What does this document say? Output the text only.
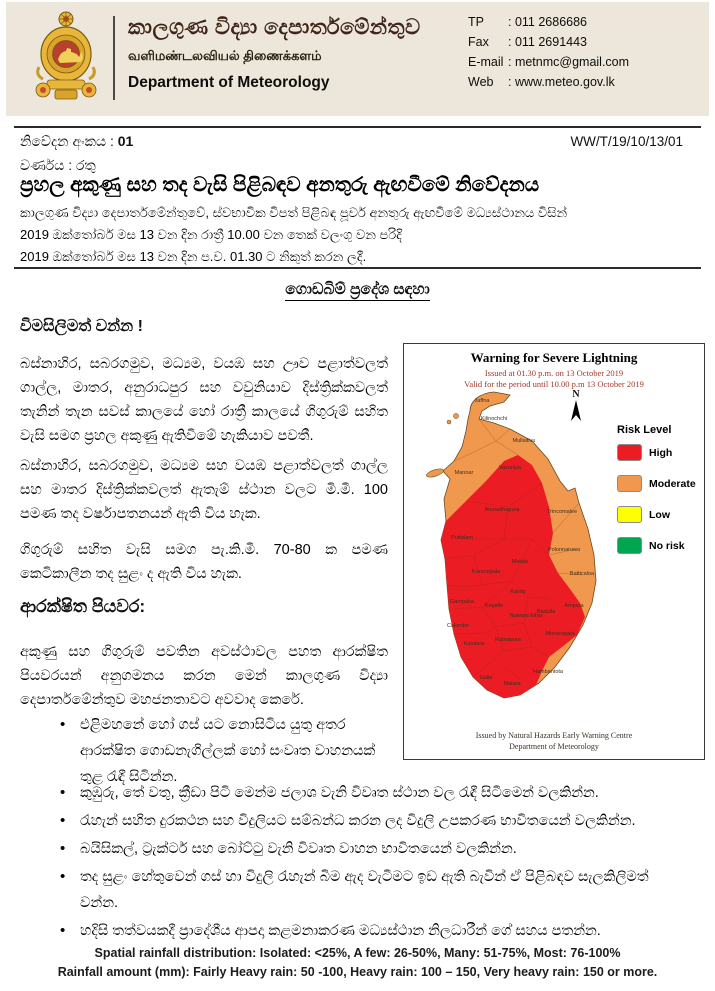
කාලගුණ විද්‍යා දෙපාර්තමේන්තුව
வளிமண்டலவியல் திணைக்களம்
Department of Meteorology
TP	: 011 2686686
Fax	: 011 2691443
E-mail : metnmc@gmail.com
Web	: www.meteo.gov.lk
නිවේදන අංකය : 01	WW/T/19/10/13/01
වර්ණය : රතු
ප්‍රහල අකුණු සහ තද වැසි පිළිබඳව අනතුරු ඇඟවීමේ නිවේදනය
කාලගුණ විද්‍යා දෙපාර්තමේන්තුවේ, ස්වභාවික විපත් පිළිබඳ පූර්ව අනතුරු ඇඟවීමේ මධ්‍යස්ථානය විසින්
2019 ඔක්තෝබර් මස 13 වන දින රාත්‍රී 10.00 වන තෙක් වලංගු වන පරිදි
2019 ඔක්තෝබර් මස 13 වන දින ප.ව. 01.30 ට නිකුත් කරන ලදී.
ගොඩබිම් ප්‍රදේශ සඳහා
විමසිලිමත් වන්න !
බස්නාහිර, සබරගමුව, මධ්‍යම, වයඹ සහ ඌව පළාත්වලත් ගාල්ල, මාතර, අනුරාධපුර සහ වවුනියාව දිස්ත්‍රික්කවලත් තැනින් තැන සවස් කාලයේ හෝ රාත්‍රී කාලයේ ගිගුරුම් සහිත වැසි සමග ප්‍රහල අකුණු ඇතිවීමේ හැකියාව පවතී.
බස්නාහිර, සබරගමුව, මධ්‍යම සහ වයඹ පළාත්වලත් ගාල්ල සහ මාතර දිස්ත්‍රික්කවලත් ඇතැම් ස්ථාන වලට මි.මී. 100 පමණ තද වර්ෂාපතනයන් ඇති විය හැක.
ගිගුරුම් සහිත වැසි සමග පැ.කි.මී. 70-80 ක පමණ කෙටිකාලීන තද සුළං ද ඇති විය හැක.
ආරක්ෂිත පියවර:
අකුණු සහ ගිගුරුම් පවතින අවස්ථාවල පහත ආරක්ෂිත පියවරයන් අනුගමනය කරන මෙන් කාලගුණ විද්‍යා දෙපාර්තමේන්තුව මහජනතාවට අවවාද කෙරේ.
• එළිමහනේ හෝ ගස් යට නොසිටිය යුතු අතර ආරක්ෂිත ගොඩනැගිල්ලක් හෝ සංවෘත වාහනයක් තුළ රැඳී සිටින්න.
• කුඹුරු, තේ වතු, ක්‍රීඩා පිටි මෙන්ම ජලාශ වැනි විවෘත ස්ථාන වල රැඳී සිටීමෙන් වලකින්න.
• රැහැන් සහිත දුරකථන සහ විදුලියට සම්බන්ධ කරන ලද විදුලි උපකරණ භාවිතයෙන් වලකින්න.
• බයිසිකල්, ට්‍රැක්ටර් සහ බෝට්ටු වැනි විවෘත වාහන භාවිතයෙන් වලකින්න.
• තද සුළං හේතුවෙන් ගස් හා විදුලි රැහැන් බිම ඇද වැටීමට ඉඩ ඇති බැවින් ඒ පිළිබඳව සැලකිලිමත් වන්න.
• හදිසි තත්වයකදී ප්‍රාදේශීය ආපදා කළමනාකරණ මධ්‍යස්ථාන නිලධාරීන් ගේ සහය පතන්න.
Warning for Severe Lightning
Issued at 01.30 p.m. on 13 October 2019
Valid for the period until 10.00 p.m 13 October 2019
N
Risk Level
High
Moderate
Low
No risk
Jaffna
Kilinochchi
Mullaitivu
Mannar
Vavuniya
Anuradhapura	Trincomalee
Puttalam
Polonnaruwa
Batticaloa
Kurunegala
Matale
Kandy
Ampara
Kegalle
Gampaha
Nuwara Eliya
Badulla
Colombo
Monaragala
Kalutara
Ratnapura
Galle
Matara
Hambantota
Issued by Natural Hazards Early Warning Centre
Department of Meteorology
Spatial rainfall distribution: Isolated: <25%, A few: 26-50%, Many: 51-75%, Most: 76-100%
Rainfall amount (mm): Fairly Heavy rain: 50 -100, Heavy rain: 100 – 150, Very heavy rain: 150 or more.
